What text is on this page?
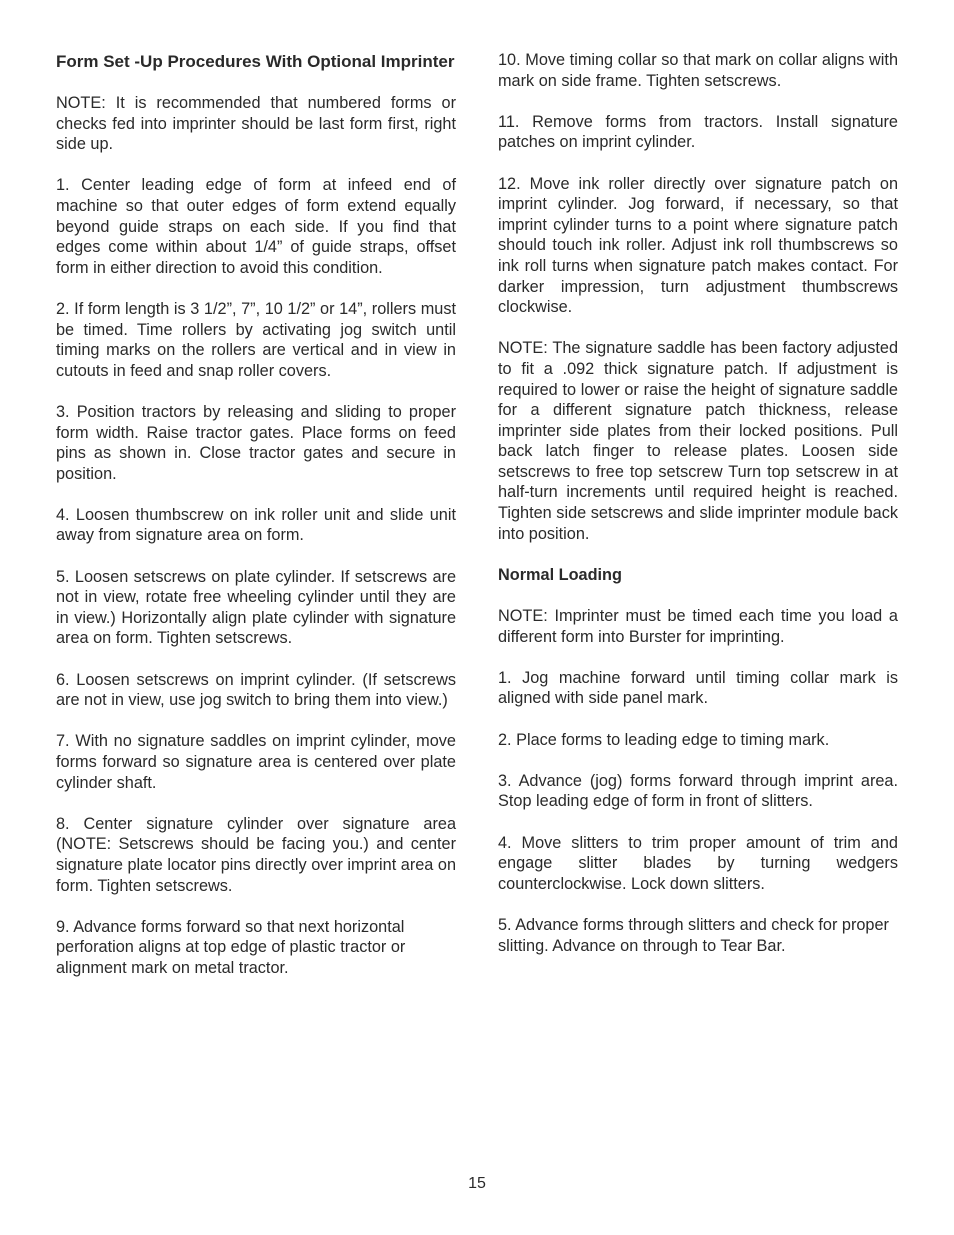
Form Set -Up Procedures With Optional Imprinter

NOTE: It is recommended that numbered forms or checks fed into imprinter should be last form first, right side up.

1. Center leading edge of form at infeed end of machine so that outer edges of form extend equally beyond guide straps on each side. If you find that edges come within about 1/4” of guide straps, offset form in either direction to avoid this condition.

2. If form length is 3 1/2”, 7”, 10 1/2” or 14”, rollers must be timed. Time rollers by activating jog switch until timing marks on the rollers are vertical and in view in cutouts in feed and snap roller covers.

3. Position tractors by releasing and sliding to proper form width. Raise tractor gates. Place forms on feed pins as shown in. Close tractor gates and secure in position.

4. Loosen thumbscrew on ink roller unit and slide unit away from signature area on form.

5. Loosen setscrews on plate cylinder. If setscrews are not in view, rotate free wheeling cylinder until they are in view.) Horizontally align plate cylinder with signature area on form. Tighten setscrews.

6. Loosen setscrews on imprint cylinder. (If setscrews are not in view, use jog switch to bring them into view.)

7. With no signature saddles on imprint cylinder, move forms forward so signature area is centered over plate cylinder shaft.

8. Center signature cylinder over signature area (NOTE: Setscrews should be facing you.) and center signature plate locator pins directly over imprint area on form. Tighten setscrews.

9. Advance forms forward so that next horizontal perforation aligns at top edge of plastic tractor or alignment mark on metal tractor.

10. Move timing collar so that mark on collar aligns with mark on side frame. Tighten setscrews.

11. Remove forms from tractors. Install signature patches on imprint cylinder.

12. Move ink roller directly over signature patch on imprint cylinder. Jog forward, if necessary, so that imprint cylinder turns to a point where signature patch should touch ink roller. Adjust ink roll thumbscrews so ink roll turns when signature patch makes contact. For darker impression, turn adjustment thumbscrews clockwise.

NOTE: The signature saddle has been factory adjusted to fit a .092 thick signature patch. If adjustment is required to lower or raise the height of signature saddle for a different signature patch thickness, release imprinter side plates from their locked positions. Pull back latch finger to release plates. Loosen side setscrews to free top setscrew Turn top setscrew in at half-turn increments until required height is reached. Tighten side setscrews and slide imprinter module back into position.

Normal Loading

NOTE: Imprinter must be timed each time you load a different form into Burster for imprinting.

1. Jog machine forward until timing collar mark is aligned with side panel mark.

2. Place forms to leading edge to timing mark.

3. Advance (jog) forms forward through imprint area. Stop leading edge of form in front of slitters.

4. Move slitters to trim proper amount of trim and engage slitter blades by turning wedgers counterclockwise. Lock down slitters.

5. Advance forms through slitters and check for proper slitting. Advance on through to Tear Bar.

15
